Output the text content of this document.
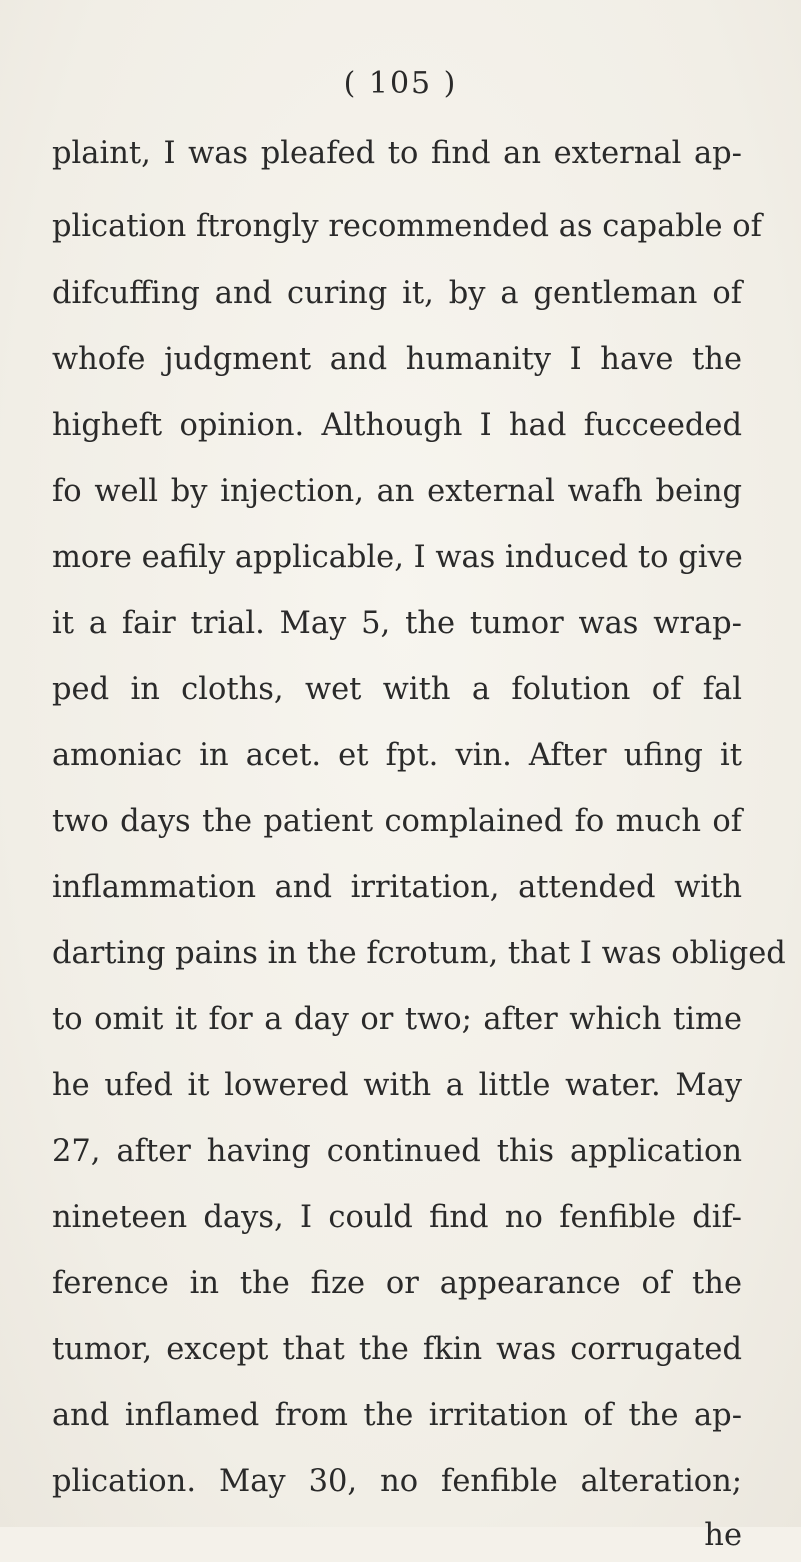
( 105 )
plaint, I was pleafed to find an external ap-
plication ftrongly recommended as capable of
difcuffing and curing it, by a gentleman of
whofe judgment and humanity I have the
higheft opinion. Although I had fucceeded
fo well by injection, an external wafh being
more eafily applicable, I was induced to give
it a fair trial. May 5, the tumor was wrap-
ped in cloths, wet with a folution of fal
amoniac in acet. et fpt. vin. After ufing it
two days the patient complained fo much of
inflammation and irritation, attended with
darting pains in the fcrotum, that I was obliged
to omit it for a day or two; after which time
he ufed it lowered with a little water. May
27, after having continued this application
nineteen days, I could find no fenfible dif-
ference in the fize or appearance of the
tumor, except that the fkin was corrugated
and inflamed from the irritation of the ap-
plication. May 30, no fenfible alteration;
he
